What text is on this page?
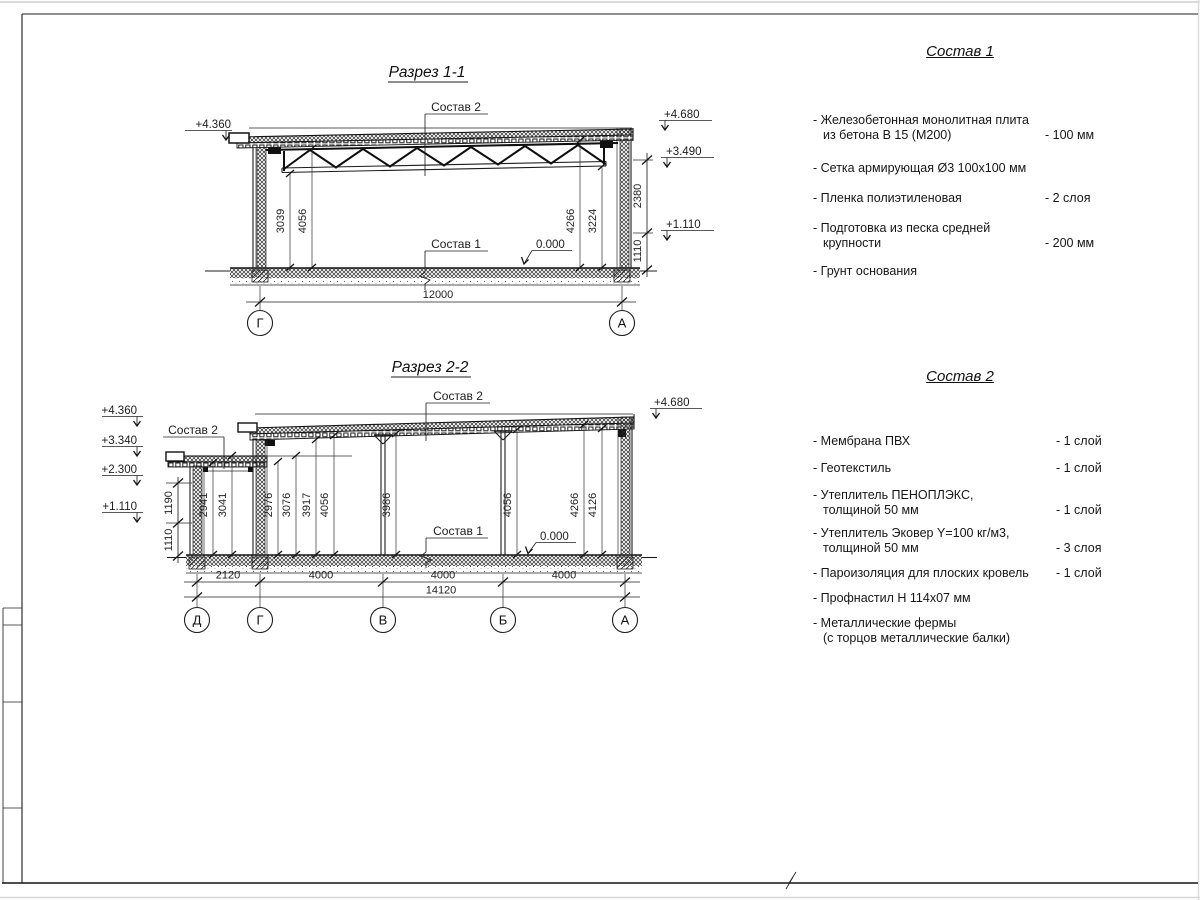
Разрез 1-1
Состав 2
Состав 1	0.000
+4.360
+4.680
+3.490
+1.110
2380
1110
3039 4056	4266 3224
12000
Г	А
Разрез 2-2
Состав 2
Состав 2
Состав 1	0.000
+4.360
+3.340
+2.300
+1.110
+4.680
1190
1110
2941 3041	2976 3076 3917 4056	3986	4056	4266 4126
2120	4000	4000	4000
14120
Д	Г	В	Б	А
Состав 1
- Железобетонная монолитная плита
из бетона В 15 (М200)	- 100 мм
- Сетка армирующая Ø3 100х100 мм
- Пленка полиэтиленовая	- 2 слоя
- Подготовка из песка средней
крупности	- 200 мм
- Грунт основания
Состав 2
- Мембрана ПВХ	- 1 слой
- Геотекстиль	- 1 слой
- Утеплитель ПЕНОПЛЭКС,
толщиной 50 мм	- 1 слой
- Утеплитель Эковер Y=100 кг/м3,
толщиной 50 мм	- 3 слоя
- Пароизоляция для плоских кровель	- 1 слой
- Профнастил Н 114х07 мм
- Металлические фермы
(с торцов металлические балки)
